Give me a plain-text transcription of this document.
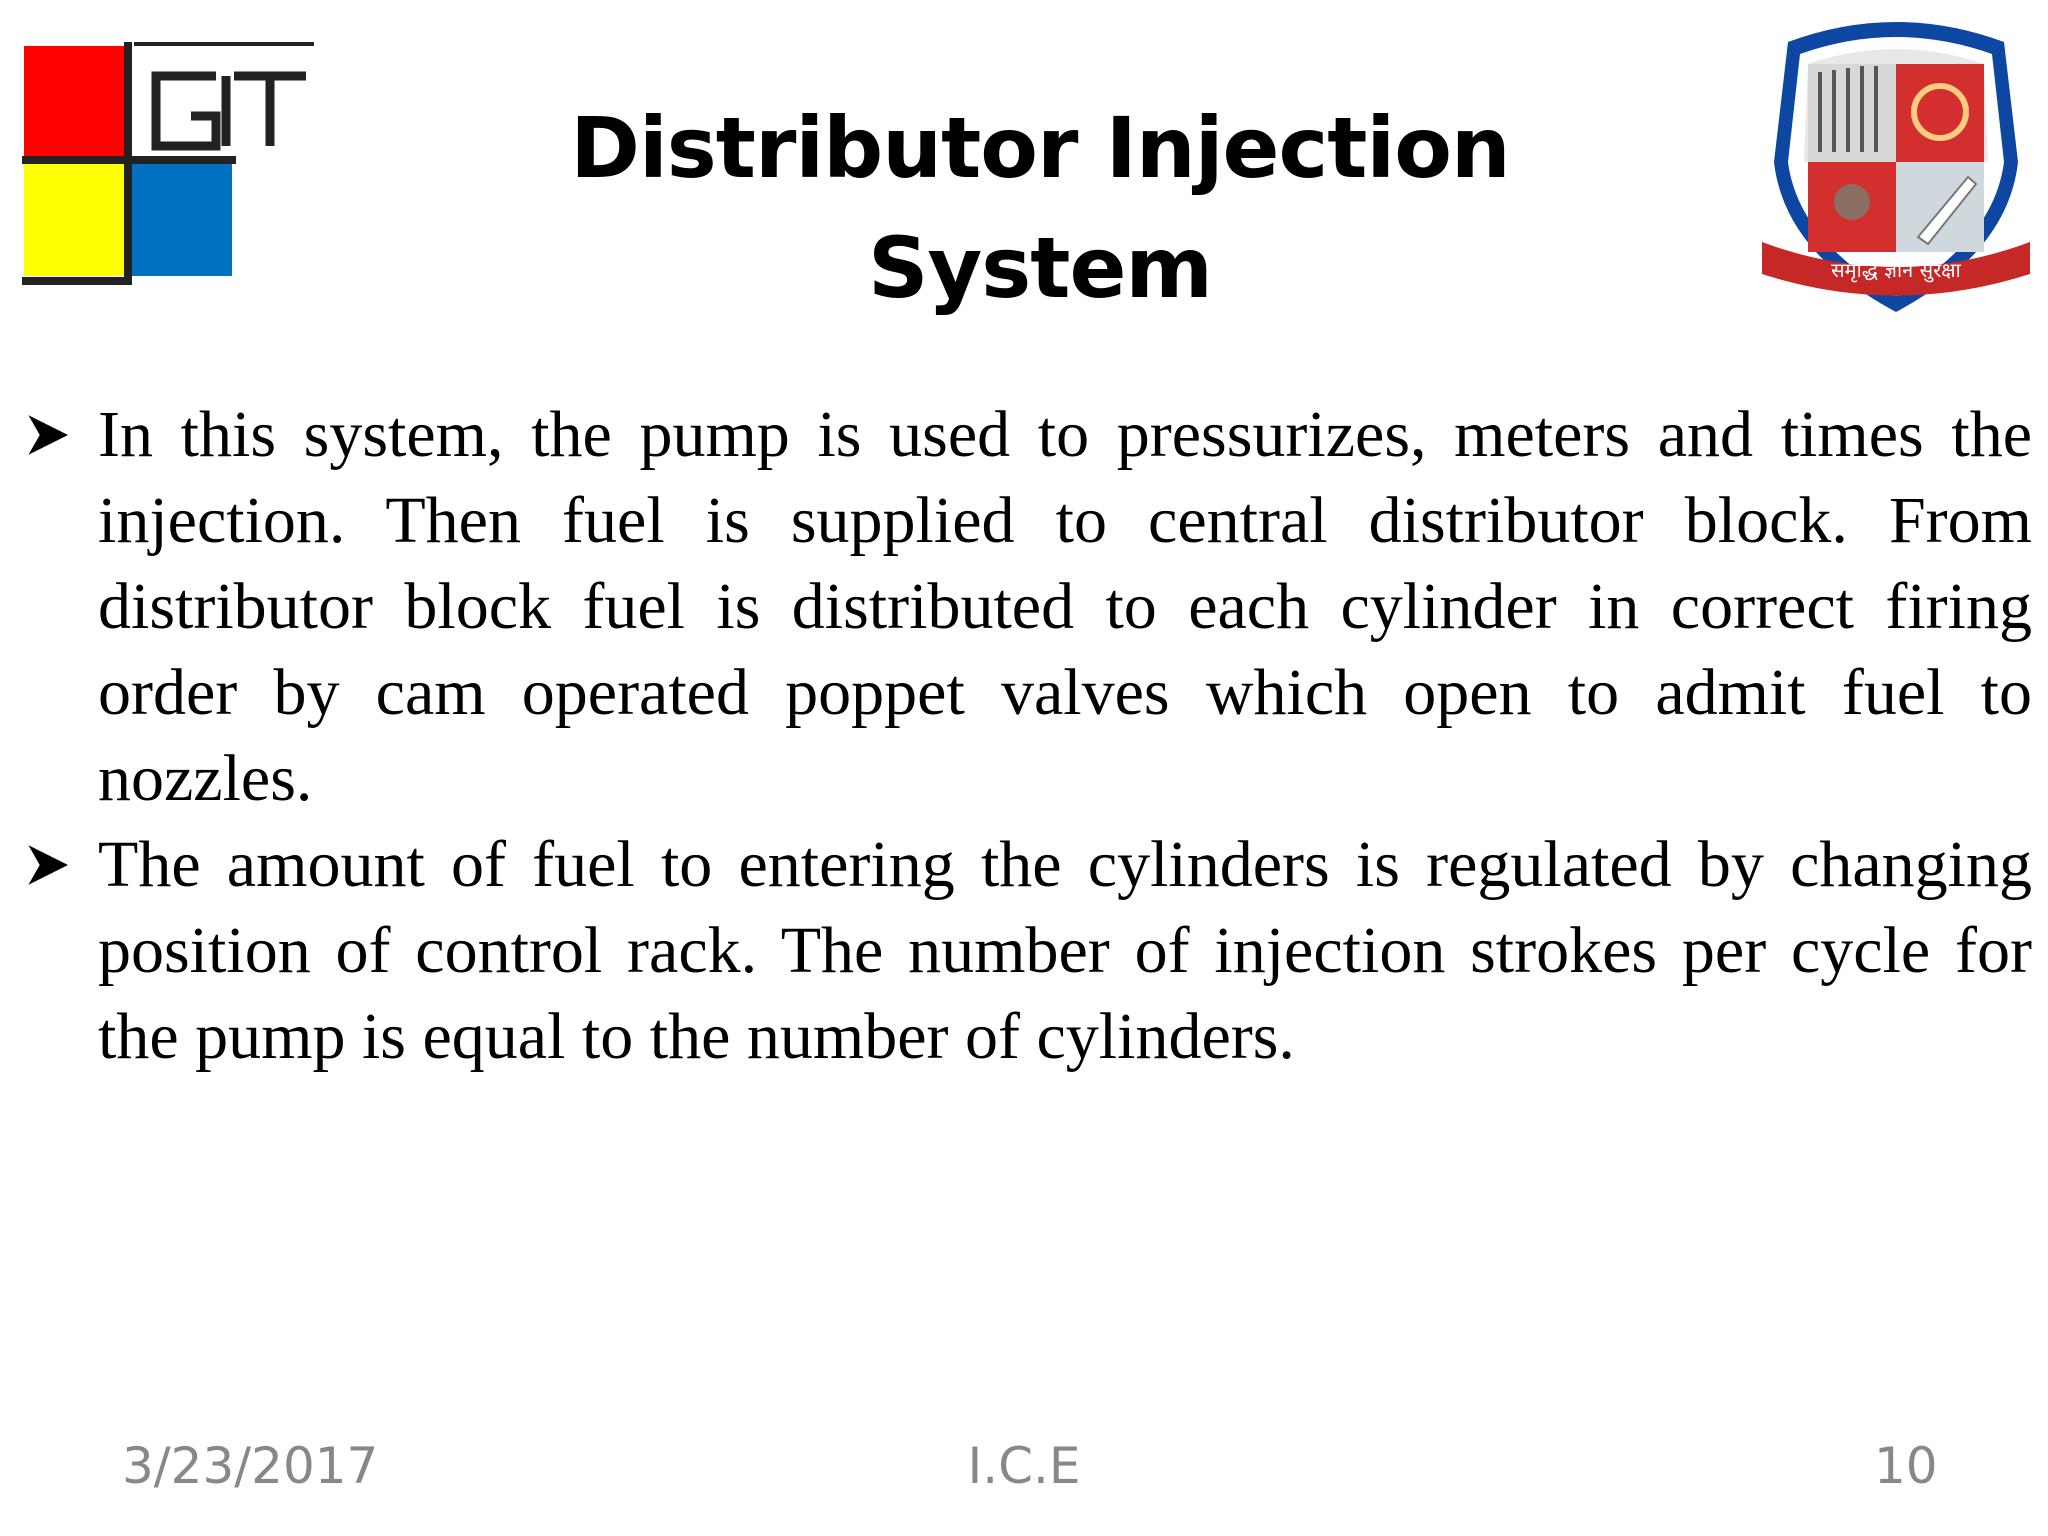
समृद्धि ज्ञान सुरक्षा
Distributor Injection
System
In this system, the pump is used to pressurizes, meters and times the injection. Then fuel is supplied to central distributor block. From distributor block fuel is distributed to each cylinder in correct firing order by cam operated poppet valves which open to admit fuel to nozzles.
The amount of fuel to entering the cylinders is regulated by changing position of control rack. The number of injection strokes per cycle for the pump is equal to the number of cylinders.
3/23/2017	I.C.E	10
